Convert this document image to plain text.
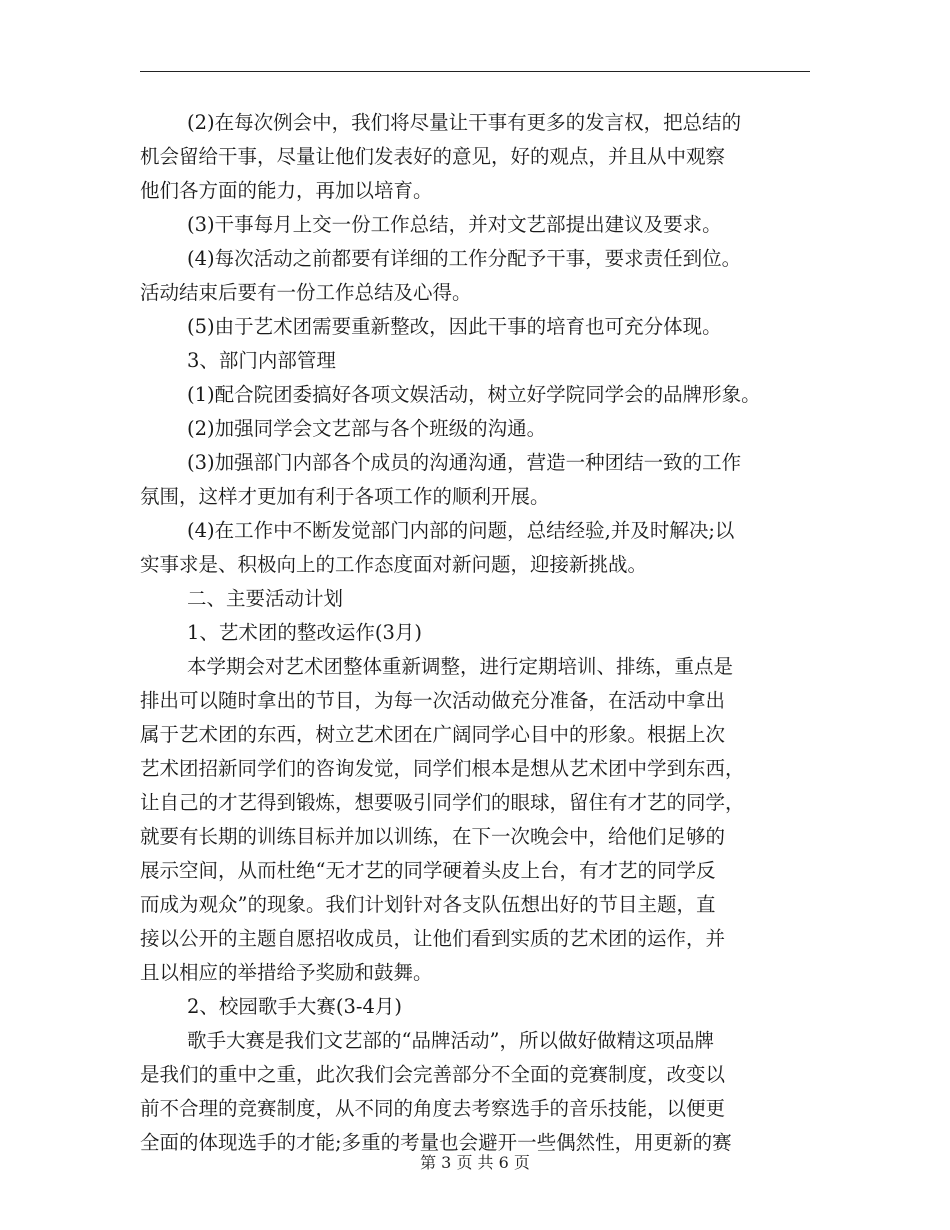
(2)在每次例会中，我们将尽量让干事有更多的发言权，把总结的
机会留给干事，尽量让他们发表好的意见，好的观点，并且从中观察
他们各方面的能力，再加以培育。
(3)干事每月上交一份工作总结，并对文艺部提出建议及要求。
(4)每次活动之前都要有详细的工作分配予干事，要求责任到位。
活动结束后要有一份工作总结及心得。
(5)由于艺术团需要重新整改，因此干事的培育也可充分体现。
3、部门内部管理
(1)配合院团委搞好各项文娱活动，树立好学院同学会的品牌形象。
(2)加强同学会文艺部与各个班级的沟通。
(3)加强部门内部各个成员的沟通沟通，营造一种团结一致的工作
氛围，这样才更加有利于各项工作的顺利开展。
(4)在工作中不断发觉部门内部的问题，总结经验,并及时解决;以
实事求是、积极向上的工作态度面对新问题，迎接新挑战。
二、主要活动计划
1、艺术团的整改运作(3月)
本学期会对艺术团整体重新调整，进行定期培训、排练，重点是
排出可以随时拿出的节目，为每一次活动做充分准备，在活动中拿出
属于艺术团的东西，树立艺术团在广阔同学心目中的形象。根据上次
艺术团招新同学们的咨询发觉，同学们根本是想从艺术团中学到东西，
让自己的才艺得到锻炼，想要吸引同学们的眼球，留住有才艺的同学，
就要有长期的训练目标并加以训练，在下一次晚会中，给他们足够的
展示空间，从而杜绝“无才艺的同学硬着头皮上台，有才艺的同学反
而成为观众”的现象。我们计划针对各支队伍想出好的节目主题，直
接以公开的主题自愿招收成员，让他们看到实质的艺术团的运作，并
且以相应的举措给予奖励和鼓舞。
2、校园歌手大赛(3-4月)
歌手大赛是我们文艺部的“品牌活动”，所以做好做精这项品牌
是我们的重中之重，此次我们会完善部分不全面的竞赛制度，改变以
前不合理的竞赛制度，从不同的角度去考察选手的音乐技能，以便更
全面的体现选手的才能;多重的考量也会避开一些偶然性，用更新的赛
第 3 页 共 6 页
